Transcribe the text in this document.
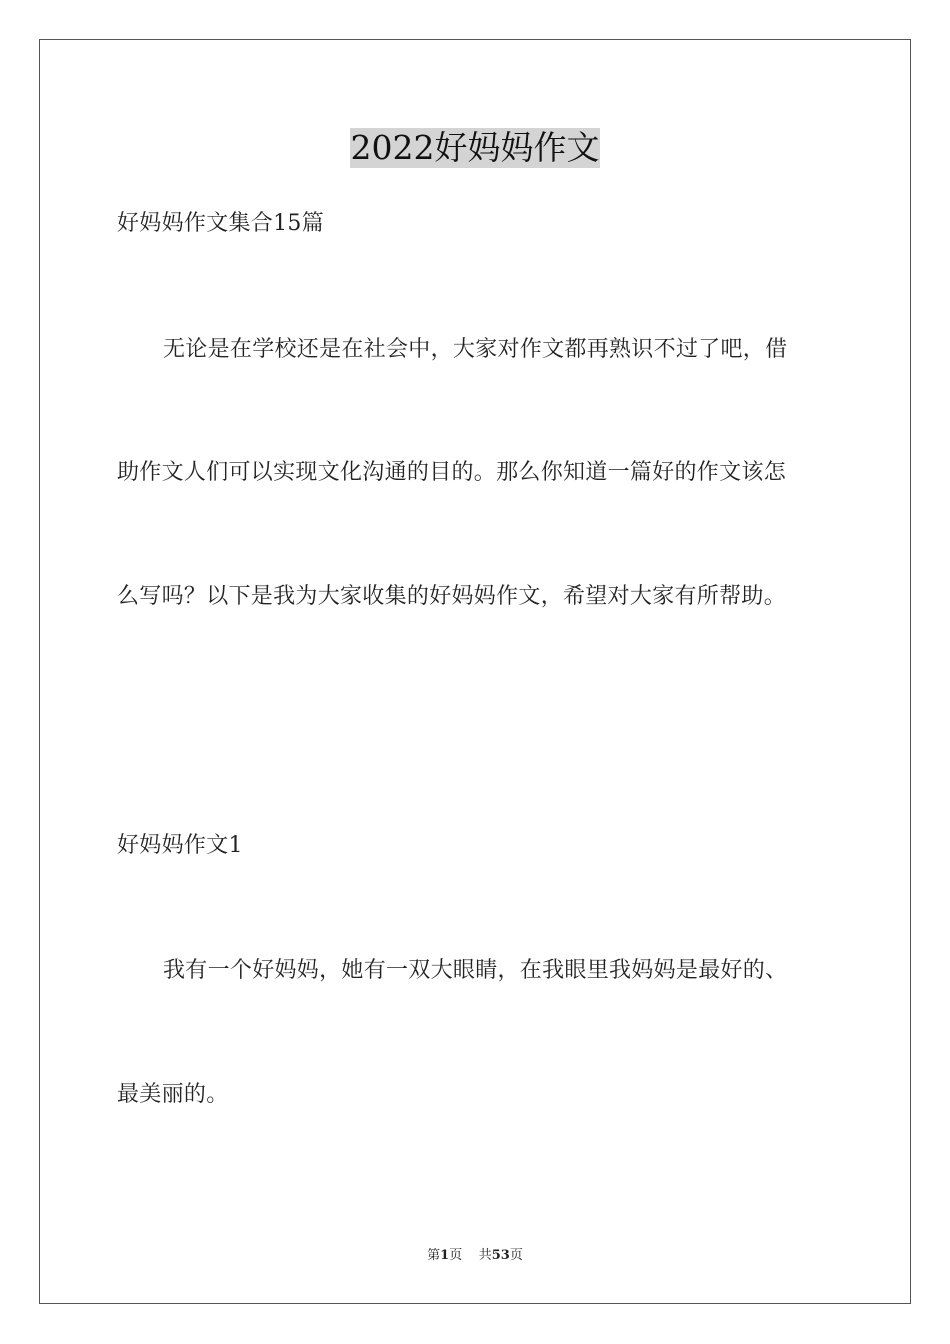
2022好妈妈作文
好妈妈作文集合15篇
无论是在学校还是在社会中，大家对作文都再熟识不过了吧，借
助作文人们可以实现文化沟通的目的。那么你知道一篇好的作文该怎
么写吗？以下是我为大家收集的好妈妈作文，希望对大家有所帮助。
好妈妈作文1
我有一个好妈妈，她有一双大眼睛，在我眼里我妈妈是最好的、
最美丽的。
第1页 共53页
